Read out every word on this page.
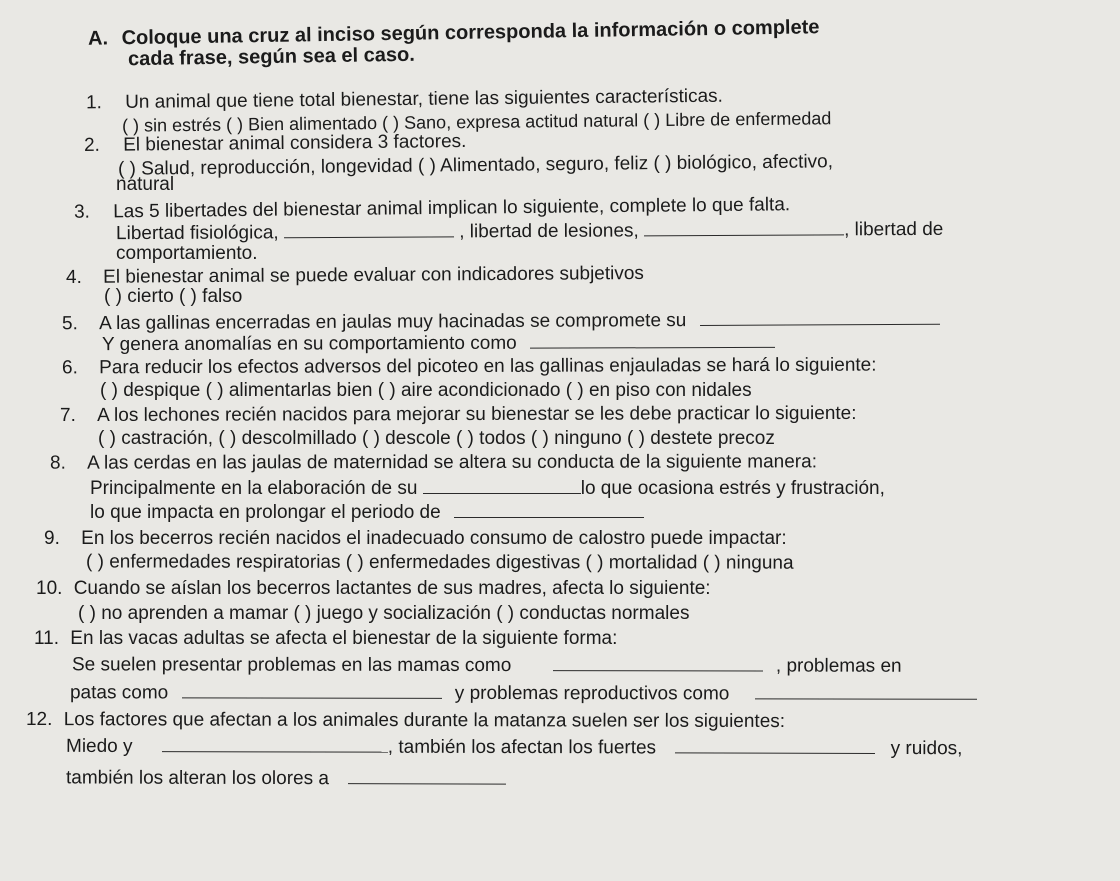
A. Coloque una cruz al inciso según corresponda la información o complete
cada frase, según sea el caso.
1. Un animal que tiene total bienestar, tiene las siguientes características.
( ) sin estrés ( ) Bien alimentado ( ) Sano, expresa actitud natural ( ) Libre de enfermedad
2. El bienestar animal considera 3 factores.
( ) Salud, reproducción, longevidad ( ) Alimentado, seguro, feliz ( ) biológico, afectivo,
natural
3. Las 5 libertades del bienestar animal implican lo siguiente, complete lo que falta.
Libertad fisiológica,	, libertad de lesiones,	, libertad de
comportamiento.
4. El bienestar animal se puede evaluar con indicadores subjetivos
( ) cierto ( ) falso
5. A las gallinas encerradas en jaulas muy hacinadas se compromete su
Y genera anomalías en su comportamiento como
6. Para reducir los efectos adversos del picoteo en las gallinas enjauladas se hará lo siguiente:
( ) despique ( ) alimentarlas bien ( ) aire acondicionado ( ) en piso con nidales
7. A los lechones recién nacidos para mejorar su bienestar se les debe practicar lo siguiente:
( ) castración, ( ) descolmillado ( ) descole ( ) todos ( ) ninguno ( ) destete precoz
8. A las cerdas en las jaulas de maternidad se altera su conducta de la siguiente manera:
Principalmente en la elaboración de su	lo que ocasiona estrés y frustración,
lo que impacta en prolongar el periodo de
9. En los becerros recién nacidos el inadecuado consumo de calostro puede impactar:
( ) enfermedades respiratorias ( ) enfermedades digestivas ( ) mortalidad ( ) ninguna
10. Cuando se aíslan los becerros lactantes de sus madres, afecta lo siguiente:
( ) no aprenden a mamar ( ) juego y socialización ( ) conductas normales
11. En las vacas adultas se afecta el bienestar de la siguiente forma:
Se suelen presentar problemas en las mamas como	, problemas en
patas como	y problemas reproductivos como
12. Los factores que afectan a los animales durante la matanza suelen ser los siguientes:
Miedo y	, también los afectan los fuertes	y ruidos,
también los alteran los olores a
